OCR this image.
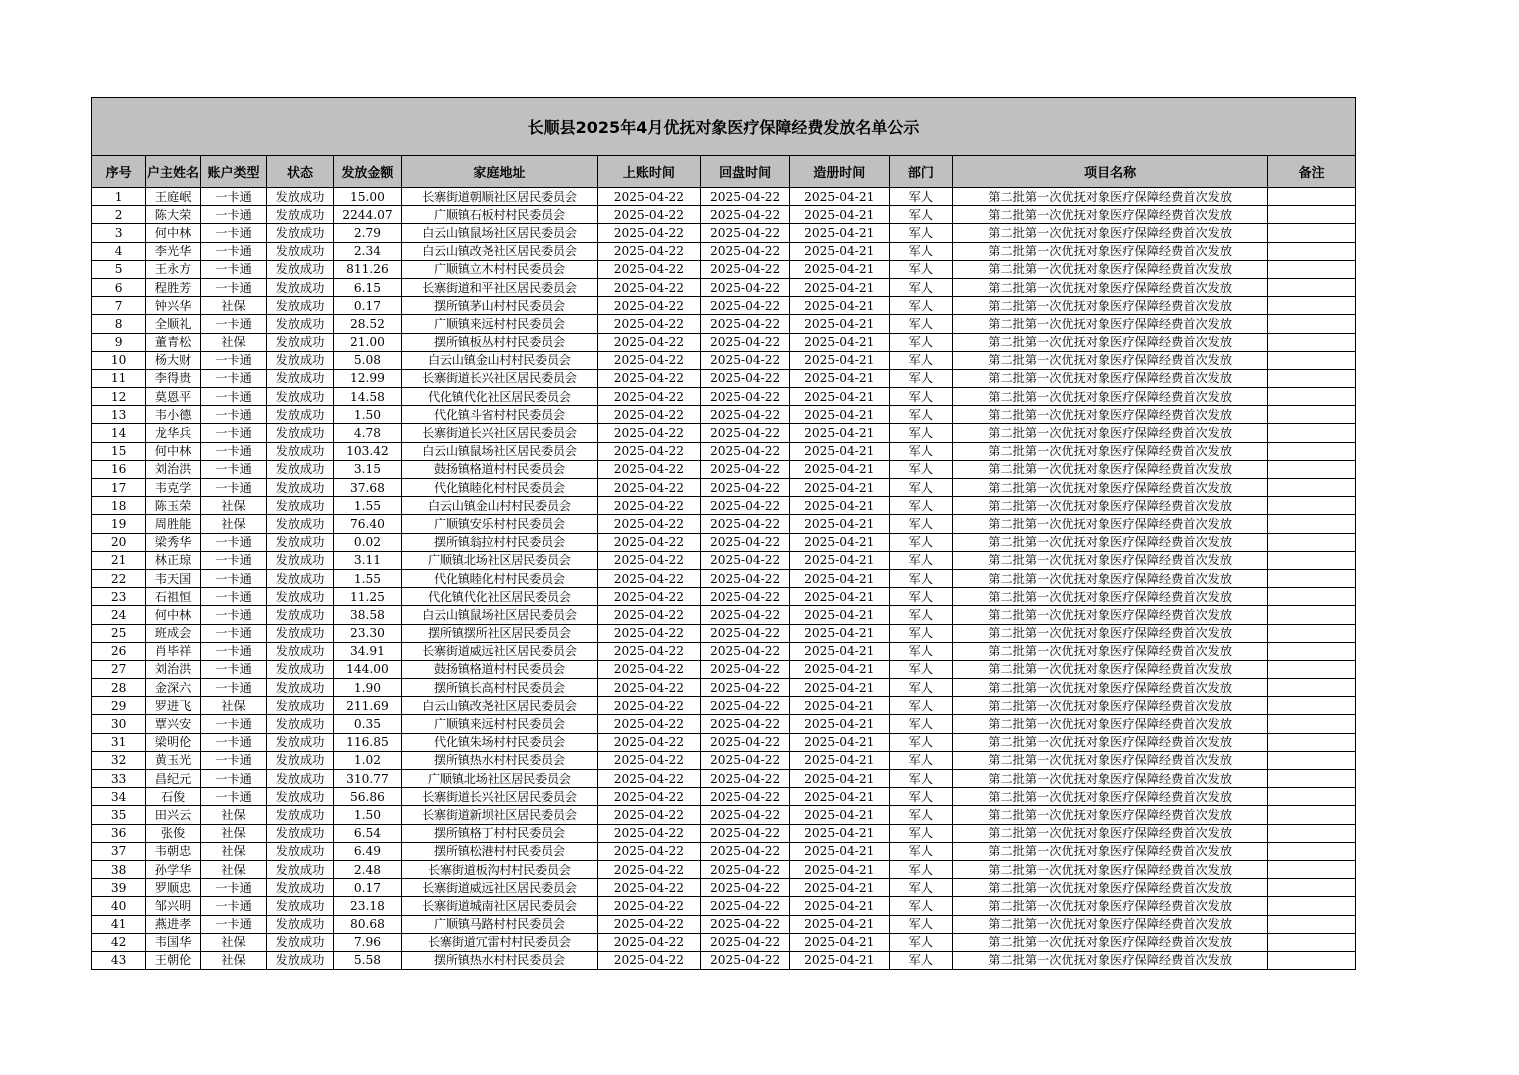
长顺县2025年4月优抚对象医疗保障经费发放名单公示											
序号	户主姓名	账户类型	状态	发放金额	家庭地址	上账时间	回盘时间	造册时间	部门	项目名称	备注
1	王庭岷	一卡通	发放成功	15.00	长寨街道朝顺社区居民委员会	2025-04-22	2025-04-22	2025-04-21	军人	第二批第一次优抚对象医疗保障经费首次发放	
2	陈大荣	一卡通	发放成功	2244.07	广顺镇石板村村民委员会	2025-04-22	2025-04-22	2025-04-21	军人	第二批第一次优抚对象医疗保障经费首次发放	
3	何中林	一卡通	发放成功	2.79	白云山镇鼠场社区居民委员会	2025-04-22	2025-04-22	2025-04-21	军人	第二批第一次优抚对象医疗保障经费首次发放	
4	李光华	一卡通	发放成功	2.34	白云山镇改尧社区居民委员会	2025-04-22	2025-04-22	2025-04-21	军人	第二批第一次优抚对象医疗保障经费首次发放	
5	王永方	一卡通	发放成功	811.26	广顺镇立木村村民委员会	2025-04-22	2025-04-22	2025-04-21	军人	第二批第一次优抚对象医疗保障经费首次发放	
6	程胜芳	一卡通	发放成功	6.15	长寨街道和平社区居民委员会	2025-04-22	2025-04-22	2025-04-21	军人	第二批第一次优抚对象医疗保障经费首次发放	
7	钟兴华	社保	发放成功	0.17	摆所镇茅山村村民委员会	2025-04-22	2025-04-22	2025-04-21	军人	第二批第一次优抚对象医疗保障经费首次发放	
8	全顺礼	一卡通	发放成功	28.52	广顺镇来远村村民委员会	2025-04-22	2025-04-22	2025-04-21	军人	第二批第一次优抚对象医疗保障经费首次发放	
9	董青松	社保	发放成功	21.00	摆所镇板丛村村民委员会	2025-04-22	2025-04-22	2025-04-21	军人	第二批第一次优抚对象医疗保障经费首次发放	
10	杨大财	一卡通	发放成功	5.08	白云山镇金山村村民委员会	2025-04-22	2025-04-22	2025-04-21	军人	第二批第一次优抚对象医疗保障经费首次发放	
11	李得贵	一卡通	发放成功	12.99	长寨街道长兴社区居民委员会	2025-04-22	2025-04-22	2025-04-21	军人	第二批第一次优抚对象医疗保障经费首次发放	
12	莫恩平	一卡通	发放成功	14.58	代化镇代化社区居民委员会	2025-04-22	2025-04-22	2025-04-21	军人	第二批第一次优抚对象医疗保障经费首次发放	
13	韦小德	一卡通	发放成功	1.50	代化镇斗省村村民委员会	2025-04-22	2025-04-22	2025-04-21	军人	第二批第一次优抚对象医疗保障经费首次发放	
14	龙华兵	一卡通	发放成功	4.78	长寨街道长兴社区居民委员会	2025-04-22	2025-04-22	2025-04-21	军人	第二批第一次优抚对象医疗保障经费首次发放	
15	何中林	一卡通	发放成功	103.42	白云山镇鼠场社区居民委员会	2025-04-22	2025-04-22	2025-04-21	军人	第二批第一次优抚对象医疗保障经费首次发放	
16	刘治洪	一卡通	发放成功	3.15	鼓扬镇格道村村民委员会	2025-04-22	2025-04-22	2025-04-21	军人	第二批第一次优抚对象医疗保障经费首次发放	
17	韦克学	一卡通	发放成功	37.68	代化镇睦化村村民委员会	2025-04-22	2025-04-22	2025-04-21	军人	第二批第一次优抚对象医疗保障经费首次发放	
18	陈玉荣	社保	发放成功	1.55	白云山镇金山村村民委员会	2025-04-22	2025-04-22	2025-04-21	军人	第二批第一次优抚对象医疗保障经费首次发放	
19	周胜能	社保	发放成功	76.40	广顺镇安乐村村民委员会	2025-04-22	2025-04-22	2025-04-21	军人	第二批第一次优抚对象医疗保障经费首次发放	
20	梁秀华	一卡通	发放成功	0.02	摆所镇翁拉村村民委员会	2025-04-22	2025-04-22	2025-04-21	军人	第二批第一次优抚对象医疗保障经费首次发放	
21	林正琼	一卡通	发放成功	3.11	广顺镇北场社区居民委员会	2025-04-22	2025-04-22	2025-04-21	军人	第二批第一次优抚对象医疗保障经费首次发放	
22	韦天国	一卡通	发放成功	1.55	代化镇睦化村村民委员会	2025-04-22	2025-04-22	2025-04-21	军人	第二批第一次优抚对象医疗保障经费首次发放	
23	石祖恒	一卡通	发放成功	11.25	代化镇代化社区居民委员会	2025-04-22	2025-04-22	2025-04-21	军人	第二批第一次优抚对象医疗保障经费首次发放	
24	何中林	一卡通	发放成功	38.58	白云山镇鼠场社区居民委员会	2025-04-22	2025-04-22	2025-04-21	军人	第二批第一次优抚对象医疗保障经费首次发放	
25	班成会	一卡通	发放成功	23.30	摆所镇摆所社区居民委员会	2025-04-22	2025-04-22	2025-04-21	军人	第二批第一次优抚对象医疗保障经费首次发放	
26	肖毕祥	一卡通	发放成功	34.91	长寨街道威远社区居民委员会	2025-04-22	2025-04-22	2025-04-21	军人	第二批第一次优抚对象医疗保障经费首次发放	
27	刘治洪	一卡通	发放成功	144.00	鼓扬镇格道村村民委员会	2025-04-22	2025-04-22	2025-04-21	军人	第二批第一次优抚对象医疗保障经费首次发放	
28	金深六	一卡通	发放成功	1.90	摆所镇长高村村民委员会	2025-04-22	2025-04-22	2025-04-21	军人	第二批第一次优抚对象医疗保障经费首次发放	
29	罗进飞	社保	发放成功	211.69	白云山镇改尧社区居民委员会	2025-04-22	2025-04-22	2025-04-21	军人	第二批第一次优抚对象医疗保障经费首次发放	
30	覃兴安	一卡通	发放成功	0.35	广顺镇来远村村民委员会	2025-04-22	2025-04-22	2025-04-21	军人	第二批第一次优抚对象医疗保障经费首次发放	
31	梁明伦	一卡通	发放成功	116.85	代化镇朱场村村民委员会	2025-04-22	2025-04-22	2025-04-21	军人	第二批第一次优抚对象医疗保障经费首次发放	
32	黄玉光	一卡通	发放成功	1.02	摆所镇热水村村民委员会	2025-04-22	2025-04-22	2025-04-21	军人	第二批第一次优抚对象医疗保障经费首次发放	
33	昌纪元	一卡通	发放成功	310.77	广顺镇北场社区居民委员会	2025-04-22	2025-04-22	2025-04-21	军人	第二批第一次优抚对象医疗保障经费首次发放	
34	石俊	一卡通	发放成功	56.86	长寨街道长兴社区居民委员会	2025-04-22	2025-04-22	2025-04-21	军人	第二批第一次优抚对象医疗保障经费首次发放	
35	田兴云	社保	发放成功	1.50	长寨街道新坝社区居民委员会	2025-04-22	2025-04-22	2025-04-21	军人	第二批第一次优抚对象医疗保障经费首次发放	
36	张俊	社保	发放成功	6.54	摆所镇格丁村村民委员会	2025-04-22	2025-04-22	2025-04-21	军人	第二批第一次优抚对象医疗保障经费首次发放	
37	韦朝忠	社保	发放成功	6.49	摆所镇松港村村民委员会	2025-04-22	2025-04-22	2025-04-21	军人	第二批第一次优抚对象医疗保障经费首次发放	
38	孙学华	社保	发放成功	2.48	长寨街道板沟村村民委员会	2025-04-22	2025-04-22	2025-04-21	军人	第二批第一次优抚对象医疗保障经费首次发放	
39	罗顺忠	一卡通	发放成功	0.17	长寨街道威远社区居民委员会	2025-04-22	2025-04-22	2025-04-21	军人	第二批第一次优抚对象医疗保障经费首次发放	
40	邹兴明	一卡通	发放成功	23.18	长寨街道城南社区居民委员会	2025-04-22	2025-04-22	2025-04-21	军人	第二批第一次优抚对象医疗保障经费首次发放	
41	燕进孝	一卡通	发放成功	80.68	广顺镇马路村村民委员会	2025-04-22	2025-04-22	2025-04-21	军人	第二批第一次优抚对象医疗保障经费首次发放	
42	韦国华	社保	发放成功	7.96	长寨街道冗雷村村民委员会	2025-04-22	2025-04-22	2025-04-21	军人	第二批第一次优抚对象医疗保障经费首次发放	
43	王朝伦	社保	发放成功	5.58	摆所镇热水村村民委员会	2025-04-22	2025-04-22	2025-04-21	军人	第二批第一次优抚对象医疗保障经费首次发放	
